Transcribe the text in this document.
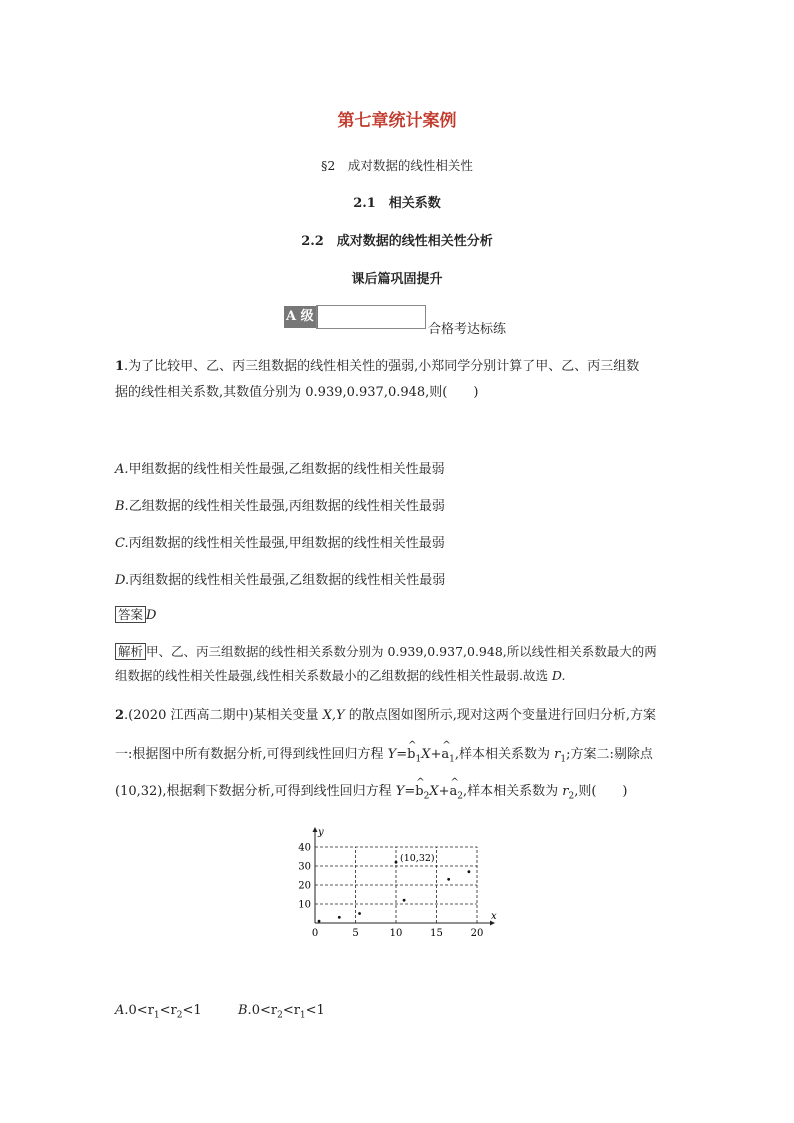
第七章统计案例
§2　成对数据的线性相关性
2.1　相关系数
2.2　成对数据的线性相关性分析
课后篇巩固提升
A 级
合格考达标练
1.为了比较甲、乙、丙三组数据的线性相关性的强弱,小郑同学分别计算了甲、乙、丙三组数
据的线性相关系数,其数值分别为 0.939,0.937,0.948,则(　　)
A.甲组数据的线性相关性最强,乙组数据的线性相关性最弱
B.乙组数据的线性相关性最强,丙组数据的线性相关性最弱
C.丙组数据的线性相关性最强,甲组数据的线性相关性最弱
D.丙组数据的线性相关性最强,乙组数据的线性相关性最弱
答案 D
解析 甲、乙、丙三组数据的线性相关系数分别为 0.939,0.937,0.948,所以线性相关系数最大的两
组数据的线性相关性最强,线性相关系数最小的乙组数据的线性相关性最弱.故选 D.
2.(2020 江西高二期中)某相关变量 X,Y 的散点图如图所示,现对这两个变量进行回归分析,方案
一:根据图中所有数据分析,可得到线性回归方程 Y=^ $b_1X+\^{}$ $a_1$,样本相关系数为 $r_1$;方案二:剔除点
(10,32),根据剩下数据分析,可得到线性回归方程 Y=^ $b_2X+\^{}$ $a_2$,样本相关系数为 $r_2$,则(　　)
x
y
0	5	10	15	20
10
20
30
40
(10,32)
$A.0<r_1<r_2<1$	$B.0<r_2<r_1<1$
